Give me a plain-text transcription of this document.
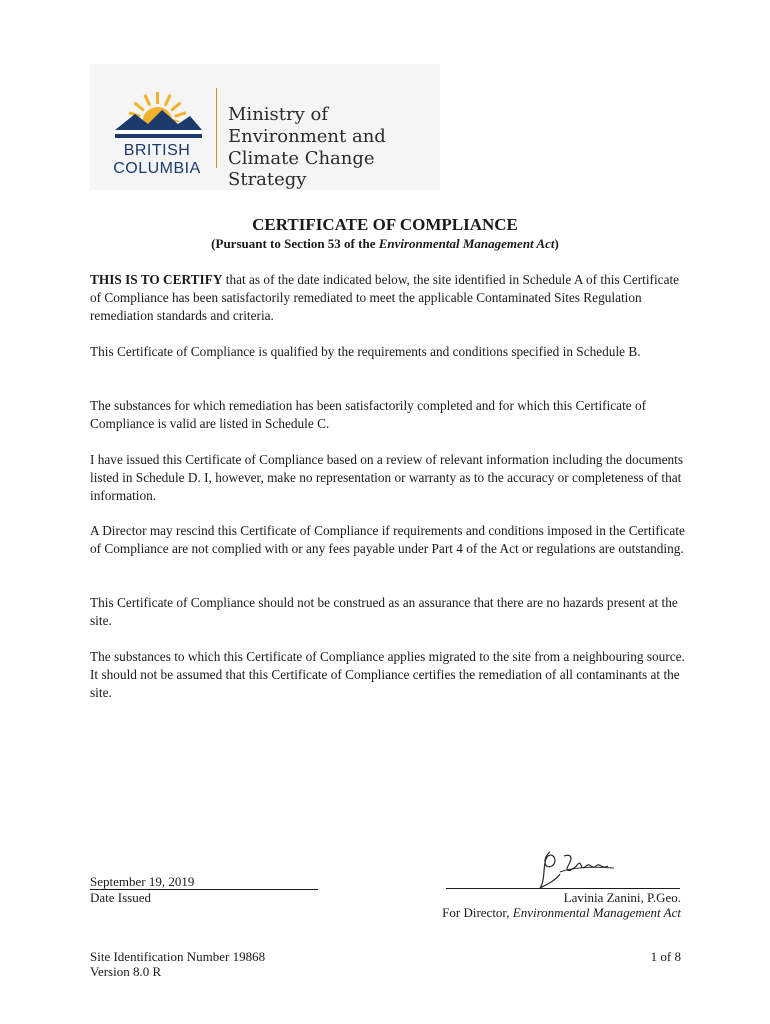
BRITISH
COLUMBIA
Ministry of
Environment and
Climate Change Strategy
CERTIFICATE OF COMPLIANCE
(Pursuant to Section 53 of the Environmental Management Act)

THIS IS TO CERTIFY that as of the date indicated below, the site identified in Schedule A of this Certificate of Compliance has been satisfactorily remediated to meet the applicable Contaminated Sites Regulation remediation standards and criteria.

This Certificate of Compliance is qualified by the requirements and conditions specified in Schedule B.

The substances for which remediation has been satisfactorily completed and for which this Certificate of Compliance is valid are listed in Schedule C.

I have issued this Certificate of Compliance based on a review of relevant information including the documents listed in Schedule D. I, however, make no representation or warranty as to the accuracy or completeness of that information.

A Director may rescind this Certificate of Compliance if requirements and conditions imposed in the Certificate of Compliance are not complied with or any fees payable under Part 4 of the Act or regulations are outstanding.

This Certificate of Compliance should not be construed as an assurance that there are no hazards present at the site.

The substances to which this Certificate of Compliance applies migrated to the site from a neighbouring source. It should not be assumed that this Certificate of Compliance certifies the remediation of all contaminants at the site.

September 19, 2019
Date Issued	Lavinia Zanini, P.Geo.
For Director, Environmental Management Act
Site Identification Number 19868
Version 8.0 R
1 of 8
